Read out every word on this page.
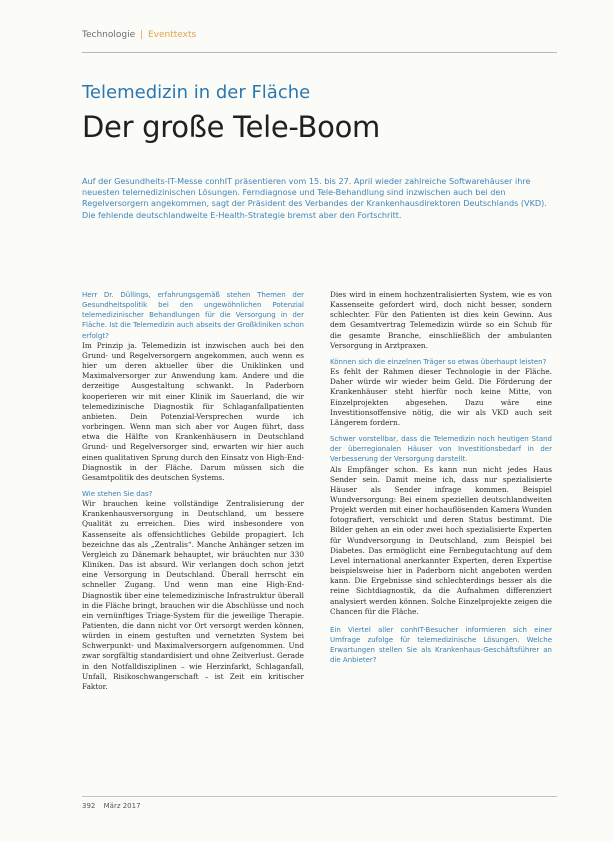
Technologie | Eventtexts
Telemedizin in der Fläche
Der große Tele-Boom

Auf der Gesundheits-IT-Messe conhIT präsentieren vom 15. bis 27. April wieder zahlreiche Softwarehäuser ihre neuesten telemedizinischen Lösungen. Ferndiagnose und Tele-Behandlung sind inzwischen auch bei den Regelversorgern angekommen, sagt der Präsident des Verbandes der Krankenhausdirektoren Deutschlands (VKD). Die fehlende deutschlandweite E-Health-Strategie bremst aber den Fortschritt.

Herr Dr. Düllings, erfahrungsgemäß stehen Themen der Gesundheitspolitik bei den ungewöhnlichen Potenzial telemedizinischer Behandlungen für die Versorgung in der Fläche. Ist die Telemedizin auch abseits der Großkliniken schon erfolgt?

Im Prinzip ja. Telemedizin ist inzwischen auch bei den Grund- und Regelversorgern angekommen, auch wenn es hier um deren aktueller über die Uniklinken und Maximalversorger zur Anwendung kam. Andere und die derzeitige Ausgestaltung schwankt. In Paderborn kooperieren wir mit einer Klinik im Sauerland, die wir telemedizinische Diagnostik für Schlaganfallpatienten anbieten. Dein Potenzial-Versprechen wurde ich vorbringen. Wenn man sich aber vor Augen führt, dass etwa die Hälfte von Krankenhäusern in Deutschland Grund- und Regelversorger sind, erwarten wir hier auch einen qualitativen Sprung durch den Einsatz von High-End-Diagnostik in der Fläche. Darum müssen sich die Gesamtpolitik des deutschen Systems.

Wie stehen Sie das?

Wir brauchen keine vollständige Zentralisierung der Krankenhausversorgung in Deutschland, um bessere Qualität zu erreichen. Dies wird insbesondere von Kassenseite als offensichtliches Gebilde propagiert. Ich bezeichne das als „Zentralis“. Manche Anhänger setzen im Vergleich zu Dänemark behauptet, wir bräuchten nur 330 Kliniken. Das ist absurd. Wir verlangen doch schon jetzt eine Versorgung in Deutschland. Überall herrscht ein schneller Zugang. Und wenn man eine High-End-Diagnostik über eine telemedizinische Infrastruktur überall in die Fläche bringt, brauchen wir die Abschlüsse und noch ein vernünftiges Triage-System für die jeweilige Therapie. Patienten, die dann nicht vor Ort versorgt werden können, würden in einem gestuften und vernetzten System bei Schwerpunkt- und Maximalversorgern aufgenommen. Und zwar sorgfältig standardisiert und ohne Zeitverlust. Gerade in den Notfalldisziplinen – wie Herzinfarkt, Schlaganfall, Unfall, Risikoschwangerschaft – ist Zeit ein kritischer Faktor.

Dies wird in einem hochzentralisierten System, wie es von Kassenseite gefordert wird, doch nicht besser, sondern schlechter. Für den Patienten ist dies kein Gewinn. Aus dem Gesamtvertrag Telemedizin würde so ein Schub für die gesamte Branche, einschließlich der ambulanten Versorgung in Arztpraxen.

Können sich die einzelnen Träger so etwas überhaupt leisten?

Es fehlt der Rahmen dieser Technologie in der Fläche. Daher würde wir wieder beim Geld. Die Förderung der Krankenhäuser steht hierfür noch keine Mitte, von Einzelprojekten abgesehen. Dazu wäre eine Investitionsoffensive nötig, die wir als VKD auch seit Längerem fordern.

Schwer vorstellbar, dass die Telemedizin noch heutigen Stand der überregionalen Häuser von Investitionsbedarf in der Verbesserung der Versorgung darstellt.

Als Empfänger schon. Es kann nun nicht jedes Haus Sender sein. Damit meine ich, dass nur spezialisierte Häuser als Sender infrage kommen. Beispiel Wundversorgung: Bei einem speziellen deutschlandweiten Projekt werden mit einer hochauflösenden Kamera Wunden fotografiert, verschickt und deren Status bestimmt. Die Bilder gehen an ein oder zwei hoch spezialisierte Experten für Wundversorgung in Deutschland, zum Beispiel bei Diabetes. Das ermöglicht eine Fernbegutachtung auf dem Level international anerkannter Experten, deren Expertise beispielsweise hier in Paderborn nicht angeboten werden kann. Die Ergebnisse sind schlechterdings besser als die reine Sichtdiagnostik, da die Aufnahmen differenziert analysiert werden können. Solche Einzelprojekte zeigen die Chancen für die Fläche.

Ein Viertel aller conhIT-Besucher informieren sich einer Umfrage zufolge für telemedizinische Lösungen. Welche Erwartungen stellen Sie als Krankenhaus-Geschäftsführer an die Anbieter?

392 März 2017
